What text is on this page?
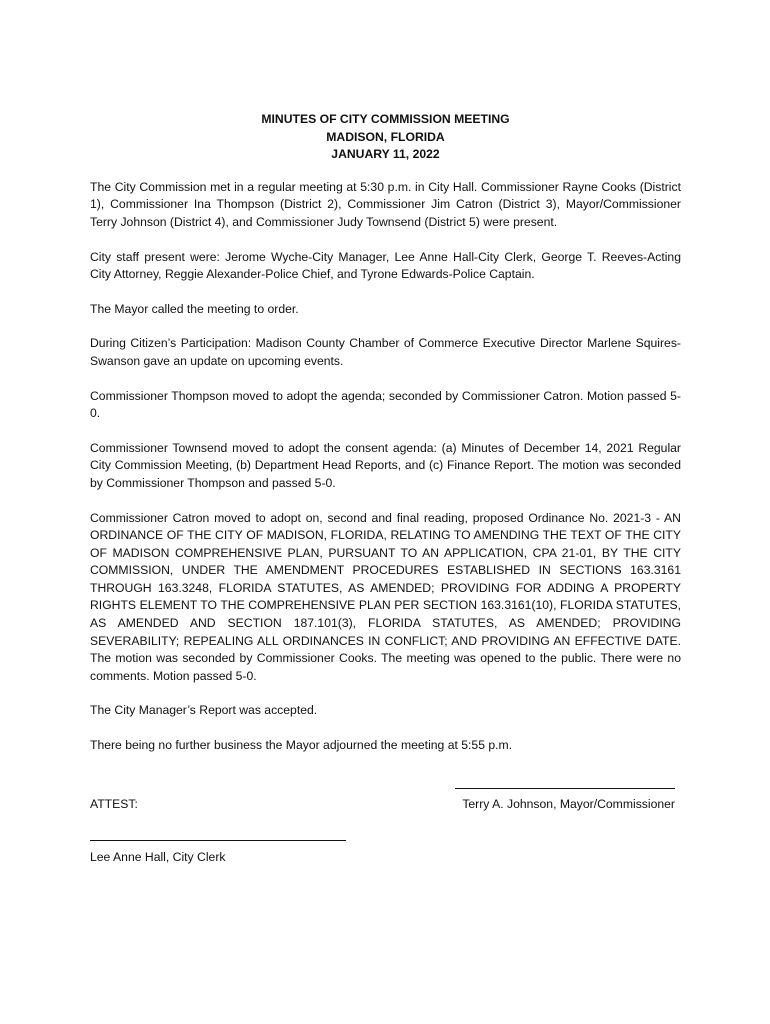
MINUTES OF CITY COMMISSION MEETING

MADISON, FLORIDA

JANUARY 11, 2022

The City Commission met in a regular meeting at 5:30 p.m. in City Hall. Commissioner Rayne Cooks (District 1), Commissioner Ina Thompson (District 2), Commissioner Jim Catron (District 3), Mayor/Commissioner Terry Johnson (District 4), and Commissioner Judy Townsend (District 5) were present.

City staff present were: Jerome Wyche-City Manager, Lee Anne Hall-City Clerk, George T. Reeves-Acting City Attorney, Reggie Alexander-Police Chief, and Tyrone Edwards-Police Captain.

The Mayor called the meeting to order.

During Citizen’s Participation: Madison County Chamber of Commerce Executive Director Marlene Squires-Swanson gave an update on upcoming events.

Commissioner Thompson moved to adopt the agenda; seconded by Commissioner Catron. Motion passed 5-0.

Commissioner Townsend moved to adopt the consent agenda: (a) Minutes of December 14, 2021 Regular City Commission Meeting, (b) Department Head Reports, and (c) Finance Report. The motion was seconded by Commissioner Thompson and passed 5-0.

Commissioner Catron moved to adopt on, second and final reading, proposed Ordinance No. 2021-3 - AN ORDINANCE OF THE CITY OF MADISON, FLORIDA, RELATING TO AMENDING THE TEXT OF THE CITY OF MADISON COMPREHENSIVE PLAN, PURSUANT TO AN APPLICATION, CPA 21-01, BY THE CITY COMMISSION, UNDER THE AMENDMENT PROCEDURES ESTABLISHED IN SECTIONS 163.3161 THROUGH 163.3248, FLORIDA STATUTES, AS AMENDED; PROVIDING FOR ADDING A PROPERTY RIGHTS ELEMENT TO THE COMPREHENSIVE PLAN PER SECTION 163.3161(10), FLORIDA STATUTES, AS AMENDED AND SECTION 187.101(3), FLORIDA STATUTES, AS AMENDED; PROVIDING SEVERABILITY; REPEALING ALL ORDINANCES IN CONFLICT; AND PROVIDING AN EFFECTIVE DATE. The motion was seconded by Commissioner Cooks. The meeting was opened to the public. There were no comments. Motion passed 5-0.

The City Manager’s Report was accepted.

There being no further business the Mayor adjourned the meeting at 5:55 p.m.

ATTEST:	Terry A. Johnson, Mayor/Commissioner
Lee Anne Hall, City Clerk
